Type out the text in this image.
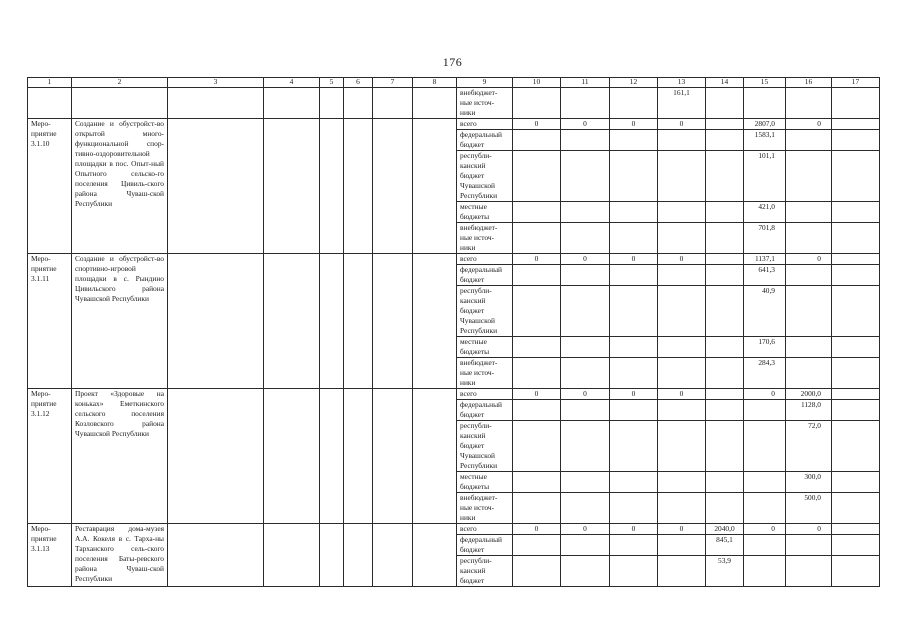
176
1	2	3	4	5	6	7	8	9	10	11	12	13	14	15	16	17
								внебюджет-ные источ-ники				161,1				
Меро-приятие 3.1.10	Создание и обустройст-во открытой много-функциональной спор-тивно-оздоровительной площадки в пос. Опыт-ный Опытного сельско-го поселения Цивиль-ского района Чуваш-ской Республики							всего	0	0	0	0		2807,0	0	
								федеральный бюджет						1583,1		
								республи-канский бюджет Чувашской Республики						101,1		
								местные бюджеты						421,0		
								внебюджет-ные источ-ники						701,8		
Меро-приятие 3.1.11	Создание и обустройст-во спортивно-игровой площадки в с. Рындино Цивильского района Чувашской Республики							всего	0	0	0	0		1137,1	0	
								федеральный бюджет						641,3		
								республи-канский бюджет Чувашской Республики						40,9		
								местные бюджеты						170,6		
								внебюджет-ные источ-ники						284,3		
Меро-приятие 3.1.12	Проект «Здоровые на коньках» Еметкинского сельского поселения Козловского района Чувашской Республики							всего	0	0	0	0		0	2000,0	
								федеральный бюджет							1128,0	
								республи-канский бюджет Чувашской Республики							72,0	
								местные бюджеты							300,0	
								внебюджет-ные источ-ники							500,0	
Меро-приятие 3.1.13	Реставрация дома-музея А.А. Кокеля в с. Тарха-ны Тарханского сель-ского поселения Баты-ревского района Чуваш-ской Республики							всего	0	0	0	0	2040,0	0	0	
								федеральный бюджет					845,1			
								республи-канский бюджет					53,9			
